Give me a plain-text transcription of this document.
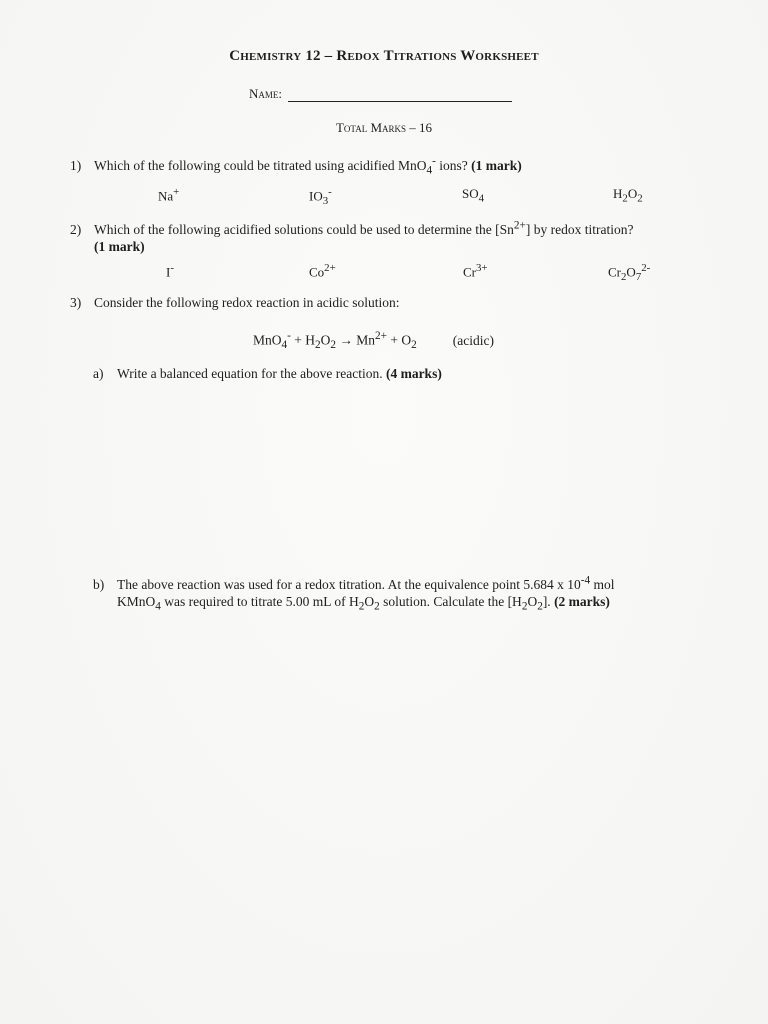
Chemistry 12 – Redox Titrations Worksheet
Name:
Total Marks – 16
1) Which of the following could be titrated using acidified MnO$_4$- ions? (1 mark)
Na+	$IO_3^-$	$SO_4$	$H_2O_2$
2) Which of the following acidified solutions could be used to determine the $[Sn^{2+}]$ by redox titration?
(1 mark)
I-	$Co^{2+}$	$Cr^{3+}$	$Cr_2O_7^{2-}$
3) Consider the following redox reaction in acidic solution:
$MnO_4^- + H_2O_2 \to Mn^{2+} + O_2$	(acidic)
a) Write a balanced equation for the above reaction. (4 marks)
b) The above reaction was used for a redox titration. At the equivalence point 5.684 x $10^{-4}$ mol
KMnO$_4$ was required to titrate 5.00 mL of $H_2O_2$ solution. Calculate the $[H_2O_2]$. (2 marks)
